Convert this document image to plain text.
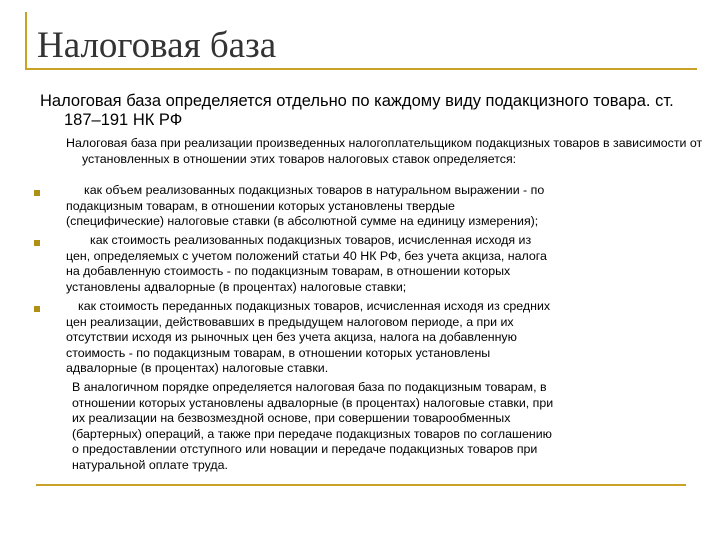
Налоговая база

Налоговая база определяется отдельно по каждому виду подакцизного товара. ст. 187–191 НК РФ

Налоговая база при реализации произведенных налогоплательщиком подакцизных товаров в зависимости от установленных в отношении этих товаров налоговых ставок определяется:

как объем реализованных подакцизных товаров в натуральном выражении - по
подакцизным товарам, в отношении которых установлены твердые
(специфические) налоговые ставки (в абсолютной сумме на единицу измерения);

как стоимость реализованных подакцизных товаров, исчисленная исходя из
цен, определяемых с учетом положений статьи 40 НК РФ, без учета акциза, налога
на добавленную стоимость - по подакцизным товарам, в отношении которых
установлены адвалорные (в процентах) налоговые ставки;

как стоимость переданных подакцизных товаров, исчисленная исходя из средних
цен реализации, действовавших в предыдущем налоговом периоде, а при их
отсутствии исходя из рыночных цен без учета акциза, налога на добавленную
стоимость - по подакцизным товарам, в отношении которых установлены
адвалорные (в процентах) налоговые ставки.

В аналогичном порядке определяется налоговая база по подакцизным товарам, в
отношении которых установлены адвалорные (в процентах) налоговые ставки, при
их реализации на безвозмездной основе, при совершении товарообменных
(бартерных) операций, а также при передаче подакцизных товаров по соглашению
о предоставлении отступного или новации и передаче подакцизных товаров при
натуральной оплате труда.
